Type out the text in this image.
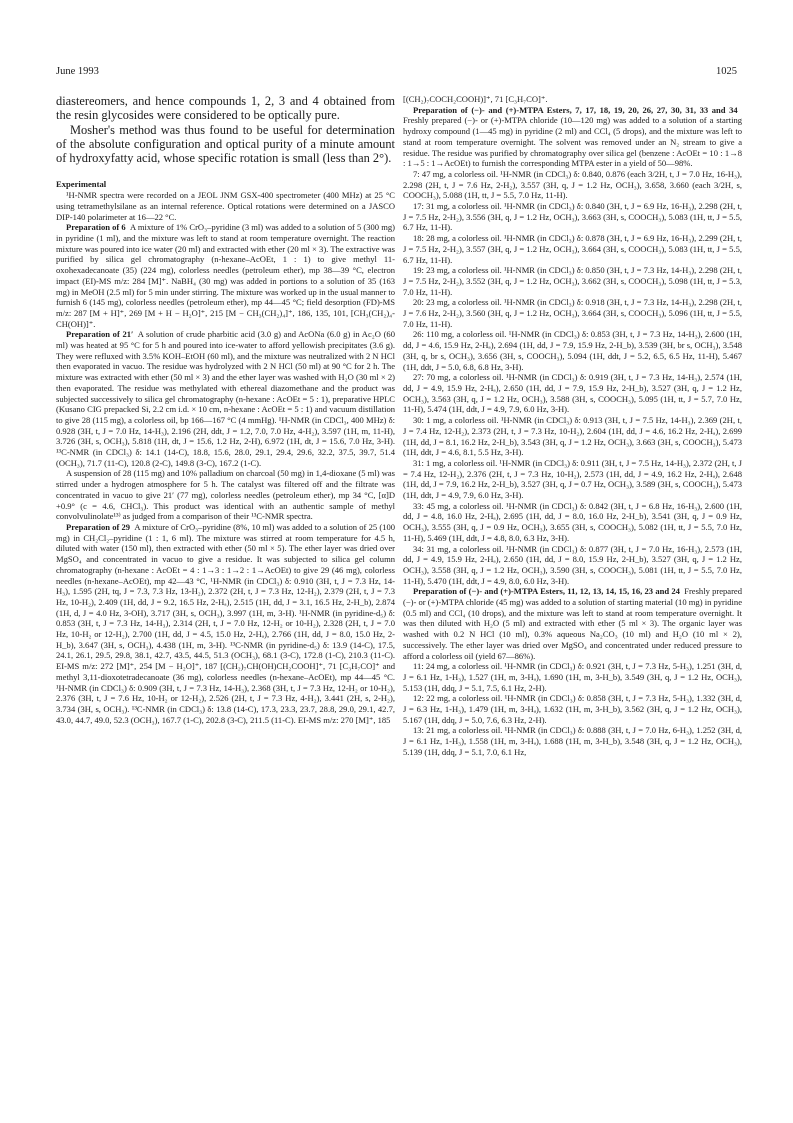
June 1993	1025

diastereomers, and hence compounds 1, 2, 3 and 4 obtained from the resin glycosides were considered to be optically pure.

Mosher's method was thus found to be useful for determination of the absolute configuration and optical purity of a minute amount of hydroxyfatty acid, whose specific rotation is small (less than 2°).

Experimental

¹H-NMR spectra were recorded on a JEOL JNM GSX-400 spectrometer (400 MHz) at 25 °C using tetramethylsilane as an internal reference. Optical rotations were determined on a JASCO DIP-140 polarimeter at 16—22 °C.

Preparation of 6  A mixture of 1% CrO₃–pyridine (3 ml) was added to a solution of 5 (300 mg) in pyridine (1 ml), and the mixture was left to stand at room temperature overnight. The reaction mixture was poured into ice water (20 ml) and extracted with ether (20 ml × 3). The extractive was purified by silica gel chromatography (n-hexane–AcOEt, 1 : 1) to give methyl 11-oxohexadecanoate (35) (224 mg), colorless needles (petroleum ether), mp 38—39 °C, electron impact (EI)-MS m/z: 284 [M]⁺. NaBH₄ (30 mg) was added in portions to a solution of 35 (163 mg) in MeOH (2.5 ml) for 5 min under stirring. The mixture was worked up in the usual manner to furnish 6 (145 mg), colorless needles (petroleum ether), mp 44—45 °C; field desorption (FD)-MS m/z: 287 [M + H]⁺, 269 [M + H − H₂O]⁺, 215 [M − CH₃(CH₂)₄]⁺, 186, 135, 101, [CH₃(CH₂)₄-CH(OH)]⁺.

Preparation of 21′  A solution of crude pharbitic acid (3.0 g) and AcONa (6.0 g) in Ac₂O (60 ml) was heated at 95 °C for 5 h and poured into ice-water to afford yellowish precipitates (3.6 g). They were refluxed with 3.5% KOH–EtOH (60 ml), and the mixture was neutralized with 2 N HCl then evaporated in vacuo. The residue was hydrolyzed with 2 N HCl (50 ml) at 90 °C for 2 h. The mixture was extracted with ether (50 ml × 3) and the ether layer was washed with H₂O (30 ml × 2) then evaporated. The residue was methylated with ethereal diazomethane and the product was subjected successively to silica gel chromatography (n-hexane : AcOEt = 5 : 1), preparative HPLC (Kusano CIG prepacked Si, 2.2 cm i.d. × 10 cm, n-hexane : AcOEt = 5 : 1) and vacuum distillation to give 28 (115 mg), a colorless oil, bp 166—167 °C (4 mmHg). ¹H-NMR (in CDCl₃, 400 MHz) δ: 0.928 (3H, t, J = 7.0 Hz, 14-H₃), 2.196 (2H, ddt, J = 1.2, 7.0, 7.0 Hz, 4-H₂), 3.597 (1H, m, 11-H), 3.726 (3H, s, OCH₃), 5.818 (1H, dt, J = 15.6, 1.2 Hz, 2-H), 6.972 (1H, dt, J = 15.6, 7.0 Hz, 3-H). ¹³C-NMR (in CDCl₃) δ: 14.1 (14-C), 18.8, 15.6, 28.0, 29.1, 29.4, 29.6, 32.2, 37.5, 39.7, 51.4 (OCH₃), 71.7 (11-C), 120.8 (2-C), 149.8 (3-C), 167.2 (1-C).

A suspension of 28 (115 mg) and 10% palladium on charcoal (50 mg) in 1,4-dioxane (5 ml) was stirred under a hydrogen atmosphere for 5 h. The catalyst was filtered off and the filtrate was concentrated in vacuo to give 21′ (77 mg), colorless needles (petroleum ether), mp 34 °C, [α]D +0.9° (c = 4.6, CHCl₃). This product was identical with an authentic sample of methyl convolvulinolate¹³⁾ as judged from a comparison of their ¹³C-NMR spectra.

Preparation of 29  A mixture of CrO₃–pyridine (8%, 10 ml) was added to a solution of 25 (100 mg) in CH₂Cl₂–pyridine (1 : 1, 6 ml). The mixture was stirred at room temperature for 4.5 h, diluted with water (150 ml), then extracted with ether (50 ml × 5). The ether layer was dried over MgSO₄ and concentrated in vacuo to give a residue. It was subjected to silica gel column chromatography (n-hexane : AcOEt = 4 : 1→3 : 1→2 : 1→AcOEt) to give 29 (46 mg), colorless needles (n-hexane–AcOEt), mp 42—43 °C, ¹H-NMR (in CDCl₃) δ: 0.910 (3H, t, J = 7.3 Hz, 14-H₃), 1.595 (2H, tq, J = 7.3, 7.3 Hz, 13-H₂), 2.372 (2H, t, J = 7.3 Hz, 12-H₂), 2.379 (2H, t, J = 7.3 Hz, 10-H₂), 2.409 (1H, dd, J = 9.2, 16.5 Hz, 2-Hₐ), 2.515 (1H, dd, J = 3.1, 16.5 Hz, 2-H_b), 2.874 (1H, d, J = 4.0 Hz, 3-OH), 3.717 (3H, s, OCH₃), 3.997 (1H, m, 3-H). ¹H-NMR (in pyridine-d₅) δ: 0.853 (3H, t, J = 7.3 Hz, 14-H₃), 2.314 (2H, t, J = 7.0 Hz, 12-H₂ or 10-H₂), 2.328 (2H, t, J = 7.0 Hz, 10-H₂ or 12-H₂), 2.700 (1H, dd, J = 4.5, 15.0 Hz, 2-Hₐ), 2.766 (1H, dd, J = 8.0, 15.0 Hz, 2-H_b), 3.647 (3H, s, OCH₃), 4.438 (1H, m, 3-H). ¹³C-NMR (in pyridine-d₅) δ: 13.9 (14-C), 17.5, 24.1, 26.1, 29.5, 29.8, 38.1, 42.7, 43.5, 44.5, 51.3 (OCH₃), 68.1 (3-C), 172.8 (1-C), 210.3 (11-C). EI-MS m/z: 272 [M]⁺, 254 [M − H₂O]⁺, 187 [(CH₂)₇CH(OH)CH₂COOH]⁺, 71 [C₃H₇CO]⁺ and methyl 3,11-dioxotetradecanoate (36 mg), colorless needles (n-hexane–AcOEt), mp 44—45 °C. ¹H-NMR (in CDCl₃) δ: 0.909 (3H, t, J = 7.3 Hz, 14-H₃), 2.368 (3H, t, J = 7.3 Hz, 12-H₂ or 10-H₂), 2.376 (3H, t, J = 7.6 Hz, 10-H₂ or 12-H₂), 2.526 (2H, t, J = 7.3 Hz, 4-H₂), 3.441 (2H, s, 2-H₂), 3.734 (3H, s, OCH₃). ¹³C-NMR (in CDCl₃) δ: 13.8 (14-C), 17.3, 23.3, 23.7, 28.8, 29.0, 29.1, 42.7, 43.0, 44.7, 49.0, 52.3 (OCH₃), 167.7 (1-C), 202.8 (3-C), 211.5 (11-C). EI-MS m/z: 270 [M]⁺, 185

[(CH₂)₇COCH₂COOH)]⁺, 71 [C₃H₇CO]⁺.

Preparation of (−)- and (+)-MTPA Esters, 7, 17, 18, 19, 20, 26, 27, 30, 31, 33 and 34 Freshly prepared (−)- or (+)-MTPA chloride (10—120 mg) was added to a solution of a starting hydroxy compound (1—45 mg) in pyridine (2 ml) and CCl₄ (5 drops), and the mixture was left to stand at room temperature overnight. The solvent was removed under an N₂ stream to give a residue. The residue was purified by chromatography over silica gel (benzene : AcOEt = 10 : 1→8 : 1→5 : 1→AcOEt) to furnish the corresponding MTPA ester in a yield of 50—98%.

7: 47 mg, a colorless oil. ¹H-NMR (in CDCl₃) δ: 0.840, 0.876 (each 3/2H, t, J = 7.0 Hz, 16-H₃), 2.298 (2H, t, J = 7.6 Hz, 2-H₂), 3.557 (3H, q, J = 1.2 Hz, OCH₃), 3.658, 3.660 (each 3/2H, s, COOCH₃), 5.088 (1H, tt, J = 5.5, 7.0 Hz, 11-H).

17: 31 mg, a colorless oil. ¹H-NMR (in CDCl₃) δ: 0.840 (3H, t, J = 6.9 Hz, 16-H₃), 2.298 (2H, t, J = 7.5 Hz, 2-H₂), 3.556 (3H, q, J = 1.2 Hz, OCH₃), 3.663 (3H, s, COOCH₃), 5.083 (1H, tt, J = 5.5, 6.7 Hz, 11-H).

18: 28 mg, a colorless oil. ¹H-NMR (in CDCl₃) δ: 0.878 (3H, t, J = 6.9 Hz, 16-H₃), 2.299 (2H, t, J = 7.5 Hz, 2-H₂), 3.557 (3H, q, J = 1.2 Hz, OCH₃), 3.664 (3H, s, COOCH₃), 5.083 (1H, tt, J = 5.5, 6.7 Hz, 11-H).

19: 23 mg, a colorless oil. ¹H-NMR (in CDCl₃) δ: 0.850 (3H, t, J = 7.3 Hz, 14-H₃), 2.298 (2H, t, J = 7.5 Hz, 2-H₂), 3.552 (3H, q, J = 1.2 Hz, OCH₃), 3.662 (3H, s, COOCH₃), 5.098 (1H, tt, J = 5.3, 7.0 Hz, 11-H).

20: 23 mg, a colorless oil. ¹H-NMR (in CDCl₃) δ: 0.918 (3H, t, J = 7.3 Hz, 14-H₃), 2.298 (2H, t, J = 7.6 Hz, 2-H₂), 3.560 (3H, q, J = 1.2 Hz, OCH₃), 3.664 (3H, s, COOCH₃), 5.096 (1H, tt, J = 5.5, 7.0 Hz, 11-H).

26: 110 mg, a colorless oil. ¹H-NMR (in CDCl₃) δ: 0.853 (3H, t, J = 7.3 Hz, 14-H₃), 2.600 (1H, dd, J = 4.6, 15.9 Hz, 2-Hₐ), 2.694 (1H, dd, J = 7.9, 15.9 Hz, 2-H_b), 3.539 (3H, br s, OCH₃), 3.548 (3H, q, br s, OCH₃), 3.656 (3H, s, COOCH₃), 5.094 (1H, ddt, J = 5.2, 6.5, 6.5 Hz, 11-H), 5.467 (1H, ddt, J = 5.0, 6.8, 6.8 Hz, 3-H).

27: 70 mg, a colorless oil. ¹H-NMR (in CDCl₃) δ: 0.919 (3H, t, J = 7.3 Hz, 14-H₃), 2.574 (1H, dd, J = 4.9, 15.9 Hz, 2-Hₐ), 2.650 (1H, dd, J = 7.9, 15.9 Hz, 2-H_b), 3.527 (3H, q, J = 1.2 Hz, OCH₃), 3.563 (3H, q, J = 1.2 Hz, OCH₃), 3.588 (3H, s, COOCH₃), 5.095 (1H, tt, J = 5.7, 7.0 Hz, 11-H), 5.474 (1H, ddt, J = 4.9, 7.9, 6.0 Hz, 3-H).

30: 1 mg, a colorless oil. ¹H-NMR (in CDCl₃) δ: 0.913 (3H, t, J = 7.5 Hz, 14-H₃), 2.369 (2H, t, J = 7.4 Hz, 12-H₂), 2.373 (2H, t, J = 7.3 Hz, 10-H₂), 2.604 (1H, dd, J = 4.6, 16.2 Hz, 2-Hₐ), 2.699 (1H, dd, J = 8.1, 16.2 Hz, 2-H_b), 3.543 (3H, q, J = 1.2 Hz, OCH₃), 3.663 (3H, s, COOCH₃), 5.473 (1H, ddt, J = 4.6, 8.1, 5.5 Hz, 3-H).

31: 1 mg, a colorless oil. ¹H-NMR (in CDCl₃) δ: 0.911 (3H, t, J = 7.5 Hz, 14-H₃), 2.372 (2H, t, J = 7.4 Hz, 12-H₂), 2.376 (2H, t, J = 7.3 Hz, 10-H₂), 2.573 (1H, dd, J = 4.9, 16.2 Hz, 2-Hₐ), 2.648 (1H, dd, J = 7.9, 16.2 Hz, 2-H_b), 3.527 (3H, q, J = 0.7 Hz, OCH₃), 3.589 (3H, s, COOCH₃), 5.473 (1H, ddt, J = 4.9, 7.9, 6.0 Hz, 3-H).

33: 45 mg, a colorless oil. ¹H-NMR (in CDCl₃) δ: 0.842 (3H, t, J = 6.8 Hz, 16-H₃), 2.600 (1H, dd, J = 4.8, 16.0 Hz, 2-Hₐ), 2.695 (1H, dd, J = 8.0, 16.0 Hz, 2-H_b), 3.541 (3H, q, J = 0.9 Hz, OCH₃), 3.555 (3H, q, J = 0.9 Hz, OCH₃), 3.655 (3H, s, COOCH₃), 5.082 (1H, tt, J = 5.5, 7.0 Hz, 11-H), 5.469 (1H, ddt, J = 4.8, 8.0, 6.3 Hz, 3-H).

34: 31 mg, a colorless oil. ¹H-NMR (in CDCl₃) δ: 0.877 (3H, t, J = 7.0 Hz, 16-H₃), 2.573 (1H, dd, J = 4.9, 15.9 Hz, 2-Hₐ), 2.650 (1H, dd, J = 8.0, 15.9 Hz, 2-H_b), 3.527 (3H, q, J = 1.2 Hz, OCH₃), 3.558 (3H, q, J = 1.2 Hz, OCH₃), 3.590 (3H, s, COOCH₃), 5.081 (1H, tt, J = 5.5, 7.0 Hz, 11-H), 5.470 (1H, ddt, J = 4.9, 8.0, 6.0 Hz, 3-H).

Preparation of (−)- and (+)-MTPA Esters, 11, 12, 13, 14, 15, 16, 23 and 24  Freshly prepared (−)- or (+)-MTPA chloride (45 mg) was added to a solution of starting material (10 mg) in pyridine (0.5 ml) and CCl₄ (10 drops), and the mixture was left to stand at room temperature overnight. It was then diluted with H₂O (5 ml) and extracted with ether (5 ml × 3). The organic layer was washed with 0.2 N HCl (10 ml), 0.3% aqueous Na₂CO₃ (10 ml) and H₂O (10 ml × 2), successively. The ether layer was dried over MgSO₄ and concentrated under reduced pressure to afford a colorless oil (yield 67—86%).

11: 24 mg, a colorless oil. ¹H-NMR (in CDCl₃) δ: 0.921 (3H, t, J = 7.3 Hz, 5-H₃), 1.251 (3H, d, J = 6.1 Hz, 1-H₃), 1.527 (1H, m, 3-Hₐ), 1.690 (1H, m, 3-H_b), 3.549 (3H, q, J = 1.2 Hz, OCH₃), 5.153 (1H, ddq, J = 5.1, 7.5, 6.1 Hz, 2-H).

12: 22 mg, a colorless oil. ¹H-NMR (in CDCl₃) δ: 0.858 (3H, t, J = 7.3 Hz, 5-H₃), 1.332 (3H, d, J = 6.3 Hz, 1-H₃), 1.479 (1H, m, 3-Hₐ), 1.632 (1H, m, 3-H_b), 3.562 (3H, q, J = 1.2 Hz, OCH₃), 5.167 (1H, ddq, J = 5.0, 7.6, 6.3 Hz, 2-H).

13: 21 mg, a colorless oil. ¹H-NMR (in CDCl₃) δ: 0.888 (3H, t, J = 7.0 Hz, 6-H₃), 1.252 (3H, d, J = 6.1 Hz, 1-H₃), 1.558 (1H, m, 3-Hₐ), 1.688 (1H, m, 3-H_b), 3.548 (3H, q, J = 1.2 Hz, OCH₃), 5.139 (1H, ddq, J = 5.1, 7.0, 6.1 Hz,
